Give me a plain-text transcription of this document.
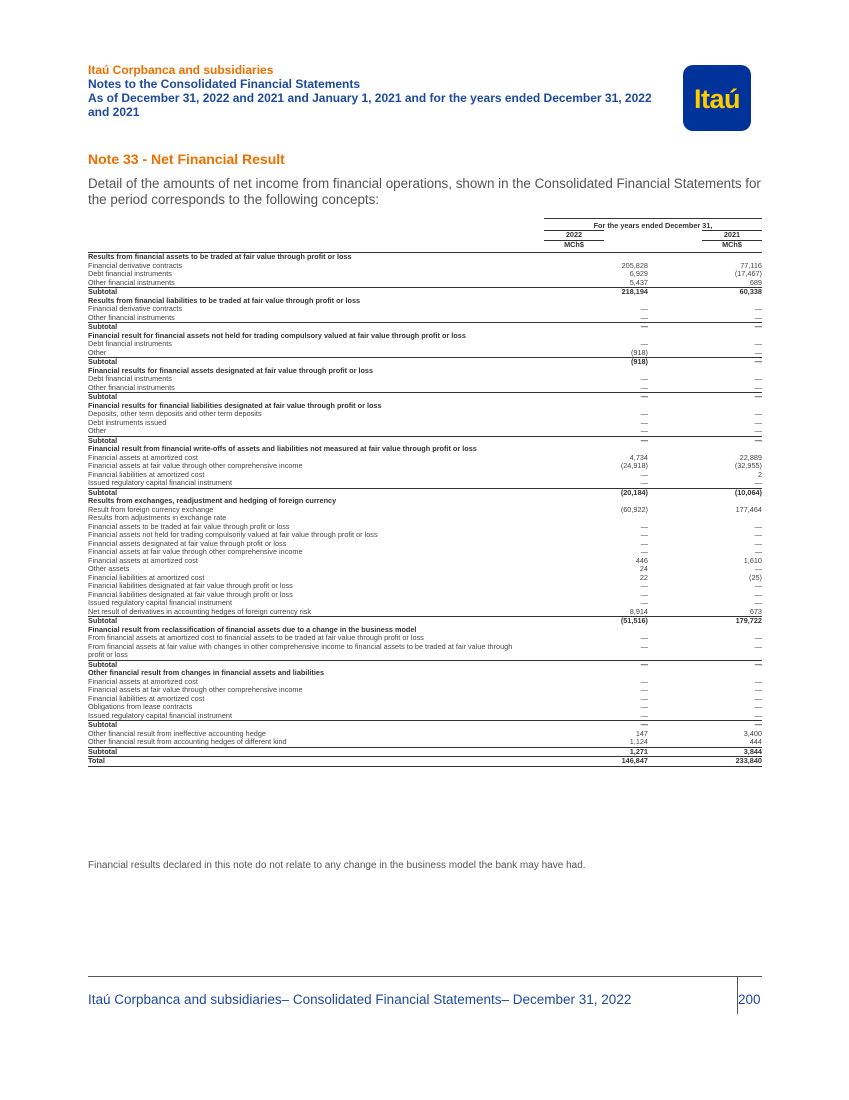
Itaú Corpbanca and subsidiaries
Notes to the Consolidated Financial Statements
As of December 31, 2022 and 2021 and January 1, 2021 and for the years ended December 31, 2022
and 2021	Itaú
Note 33 - Net Financial Result
Detail of the amounts of net income from financial operations, shown in the Consolidated Financial Statements for the period corresponds to the following concepts:
For the years ended December 31,
2022
MCh$
2021
MCh$
Results from financial assets to be traded at fair value through profit or loss
Financial derivative contracts	205,828	77,116
Debt financial instruments	6,929	(17,467)
Other financial instruments	5,437	689
Subtotal	218,194	60,338
Results from financial liabilities to be traded at fair value through profit or loss
Financial derivative contracts	—	—
Other financial instruments	—	—
Subtotal	—	—
Financial result for financial assets not held for trading compulsory valued at fair value through profit or loss
Debt financial instruments	—	—
Other	(918)	—
Subtotal	(918)	—
Financial results for financial assets designated at fair value through profit or loss
Debt financial instruments	—	—
Other financial instruments	—	—
Subtotal	—	—
Financial results for financial liabilities designated at fair value through profit or loss
Deposits, other term deposits and other term deposits	—	—
Debt instruments issued	—	—
Other	—	—
Subtotal	—	—
Financial result from financial write-offs of assets and liabilities not measured at fair value through profit or loss
Financial assets at amortized cost	4,734	22,889
Financial assets at fair value through other comprehensive income	(24,918)	(32,955)
Financial liabilities at amortized cost	—	2
Issued regulatory capital financial instrument	—	—
Subtotal	(20,184)	(10,064)
Results from exchanges, readjustment and hedging of foreign currency
Result from foreign currency exchange	(60,922)	177,464
Results from adjustments in exchange rate
Financial assets to be traded at fair value through profit or loss	—	—
Financial assets not held for trading compulsorily valued at fair value through profit or loss	—	—
Financial assets designated at fair value through profit or loss	—	—
Financial assets at fair value through other comprehensive income	—	—
Financial assets at amortized cost	446	1,610
Other assets	24	—
Financial liabilities at amortized cost	22	(25)
Financial liabilities designated at fair value through profit or loss	—	—
Financial liabilities designated at fair value through profit or loss	—	—
Issued regulatory capital financial instrument	—	—
Net result of derivatives in accounting hedges of foreign currency risk	8,914	673
Subtotal	(51,516)	179,722
Financial result from reclassification of financial assets due to a change in the business model
From financial assets at amortized cost to financial assets to be traded at fair value through profit or loss	—	—
From financial assets at fair value with changes in other comprehensive income to financial assets to be traded at fair value through profit or loss
—	—
Subtotal	—	—
Other financial result from changes in financial assets and liabilities
Financial assets at amortized cost	—	—
Financial assets at fair value through other comprehensive income	—	—
Financial liabilities at amortized cost	—	—
Obligations from lease contracts	—	—
Issued regulatory capital financial instrument	—	—
Subtotal	—	—
Other financial result from ineffective accounting hedge	147	3,400
Other financial result from accounting hedges of different kind	1,124	444
Subtotal	1,271	3,844
Total	146,847	233,840
Financial results declared in this note do not relate to any change in the business model the bank may have had.
Itaú Corpbanca and subsidiaries– Consolidated Financial Statements– December 31, 2022	200
